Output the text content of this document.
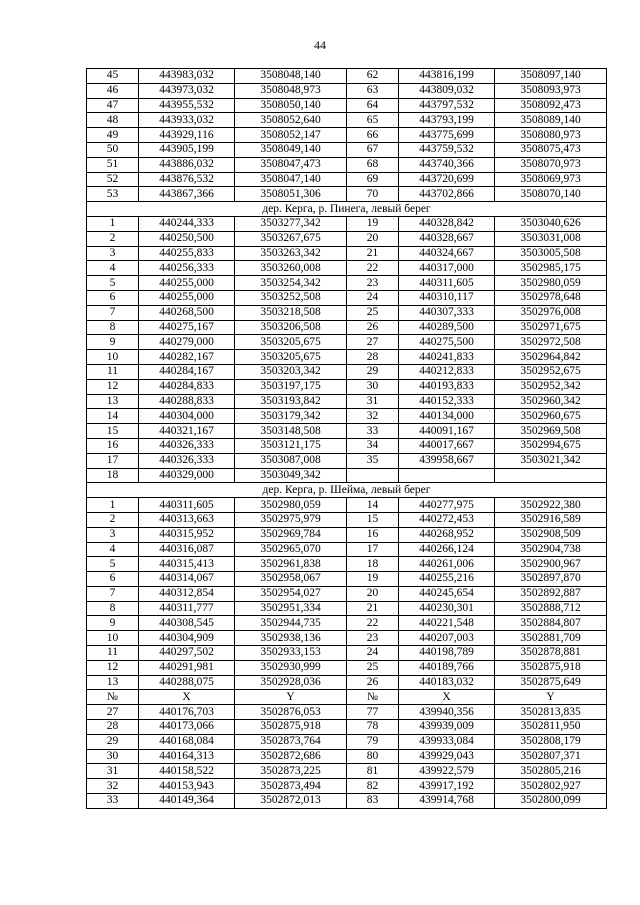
44
45	443983,032	3508048,140	62	443816,199	3508097,140
46	443973,032	3508048,973	63	443809,032	3508093,973
47	443955,532	3508050,140	64	443797,532	3508092,473
48	443933,032	3508052,640	65	443793,199	3508089,140
49	443929,116	3508052,147	66	443775,699	3508080,973
50	443905,199	3508049,140	67	443759,532	3508075,473
51	443886,032	3508047,473	68	443740,366	3508070,973
52	443876,532	3508047,140	69	443720,699	3508069,973
53	443867,366	3508051,306	70	443702,866	3508070,140
дер. Керга, р. Пинега, левый берег					
1	440244,333	3503277,342	19	440328,842	3503040,626
2	440250,500	3503267,675	20	440328,667	3503031,008
3	440255,833	3503263,342	21	440324,667	3503005,508
4	440256,333	3503260,008	22	440317,000	3502985,175
5	440255,000	3503254,342	23	440311,605	3502980,059
6	440255,000	3503252,508	24	440310,117	3502978,648
7	440268,500	3503218,508	25	440307,333	3502976,008
8	440275,167	3503206,508	26	440289,500	3502971,675
9	440279,000	3503205,675	27	440275,500	3502972,508
10	440282,167	3503205,675	28	440241,833	3502964,842
11	440284,167	3503203,342	29	440212,833	3502952,675
12	440284,833	3503197,175	30	440193,833	3502952,342
13	440288,833	3503193,842	31	440152,333	3502960,342
14	440304,000	3503179,342	32	440134,000	3502960,675
15	440321,167	3503148,508	33	440091,167	3502969,508
16	440326,333	3503121,175	34	440017,667	3502994,675
17	440326,333	3503087,008	35	439958,667	3503021,342
18	440329,000	3503049,342			
дер. Керга, р. Шейма, левый берег					
1	440311,605	3502980,059	14	440277,975	3502922,380
2	440313,663	3502975,979	15	440272,453	3502916,589
3	440315,952	3502969,784	16	440268,952	3502908,509
4	440316,087	3502965,070	17	440266,124	3502904,738
5	440315,413	3502961,838	18	440261,006	3502900,967
6	440314,067	3502958,067	19	440255,216	3502897,870
7	440312,854	3502954,027	20	440245,654	3502892,887
8	440311,777	3502951,334	21	440230,301	3502888,712
9	440308,545	3502944,735	22	440221,548	3502884,807
10	440304,909	3502938,136	23	440207,003	3502881,709
11	440297,502	3502933,153	24	440198,789	3502878,881
12	440291,981	3502930,999	25	440189,766	3502875,918
13	440288,075	3502928,036	26	440183,032	3502875,649
№	X	Y	№	X	Y
27	440176,703	3502876,053	77	439940,356	3502813,835
28	440173,066	3502875,918	78	439939,009	3502811,950
29	440168,084	3502873,764	79	439933,084	3502808,179
30	440164,313	3502872,686	80	439929,043	3502807,371
31	440158,522	3502873,225	81	439922,579	3502805,216
32	440153,943	3502873,494	82	439917,192	3502802,927
33	440149,364	3502872,013	83	439914,768	3502800,099
